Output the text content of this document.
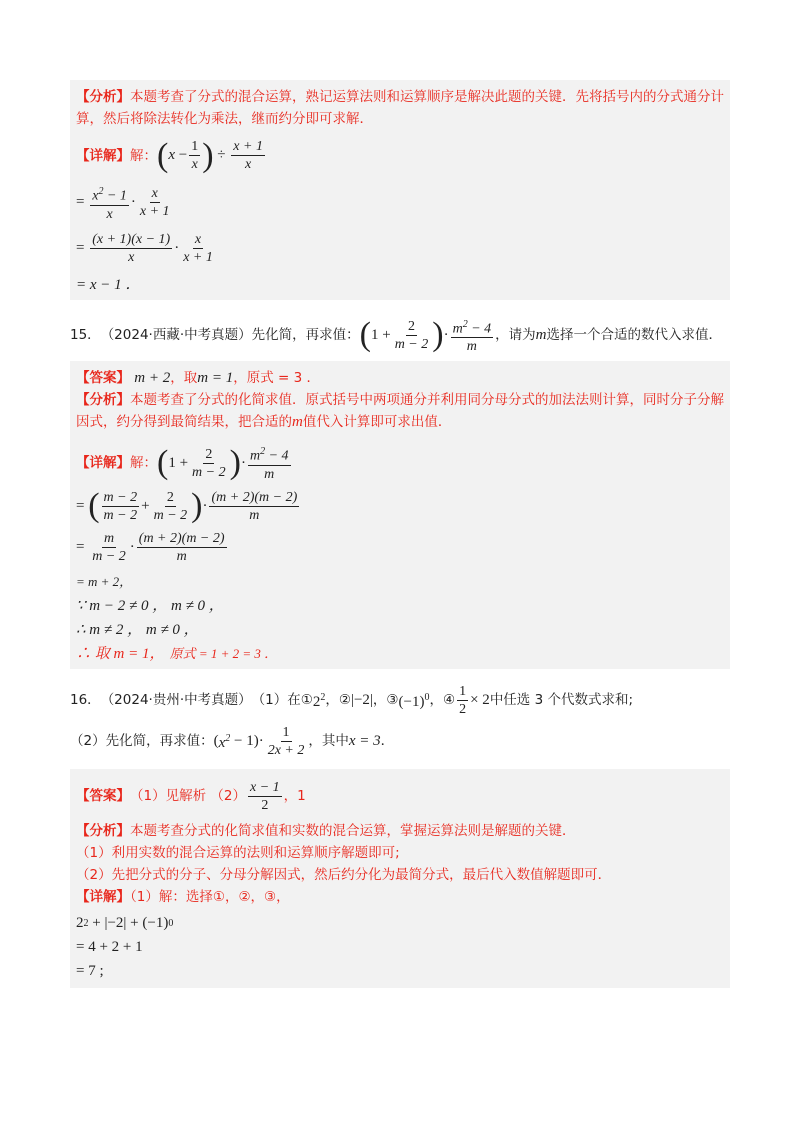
【分析】本题考查了分式的混合运算，熟记运算法则和运算顺序是解决此题的关键．先将括号内的分式通分计算，然后将除法转化为乘法，继而约分即可求解．
【详解】 解： ( $x - \frac{1}{x}$ ) ÷ $\frac{x + 1}{x}$
= $\frac{x^2 - 1}{x} \cdot \frac{x}{x + 1}$
= $\frac{(x + 1)(x - 1)}{x} \cdot \frac{x}{x + 1}$
= x − 1 ．
15． （2024·西藏·中考真题） 先化简，再求值： ( $1 + \frac{2}{m - 2}$ ) · $\frac{m^2 - 4}{m}$ ，请为 m 选择一个合适的数代入求值．
【答案】 m + 2，取m = 1，原式 = 3 ．
【分析】本题考查了分式的化简求值．原式括号中两项通分并利用同分母分式的加法法则计算，同时分子分解因式，约分得到最简结果，把合适的m值代入计算即可求出值．
【详解】 解： ( $1 + \frac{2}{m - 2}$ ) · $\frac{m^2 - 4}{m}$
= ( $\frac{m - 2}{m - 2} + \frac{2}{m - 2}$ ) · $\frac{(m + 2)(m - 2)}{m}$
= $\frac{m}{m - 2} \cdot \frac{(m + 2)(m - 2)}{m}$
= m + 2，
∵ m − 2 ≠ 0 ， m ≠ 0 ，
∴ m ≠ 2 ， m ≠ 0 ，
∴ 取 m = 1，
原式 = 1 + 2 = 3 ．
16． （2024·贵州·中考真题） （1）在① $2^2$ ，② |−2| ，③ $(-1)^0$ ，④ $\frac{1}{2} \times 2$ 中任选 3 个代数式求和;
（2）先化简，再求值： ( $x^2 - 1)\cdot \frac{1}{2x + 2}$ ，其中 x = 3 ．
【答案】 （1）见解析 $(2) \frac{x - 1}{2}$ ，1
【分析】本题考查分式的化简求值和实数的混合运算，掌握运算法则是解题的关键．
（1）利用实数的混合运算的法则和运算顺序解题即可;
（2）先把分式的分子、分母分解因式，然后约分化为最简分式，最后代入数值解题即可．
【详解】（1）解：选择①，②，③，
2 2 + |−2| + (−1) 0
= 4 + 2 + 1
= 7 ;
